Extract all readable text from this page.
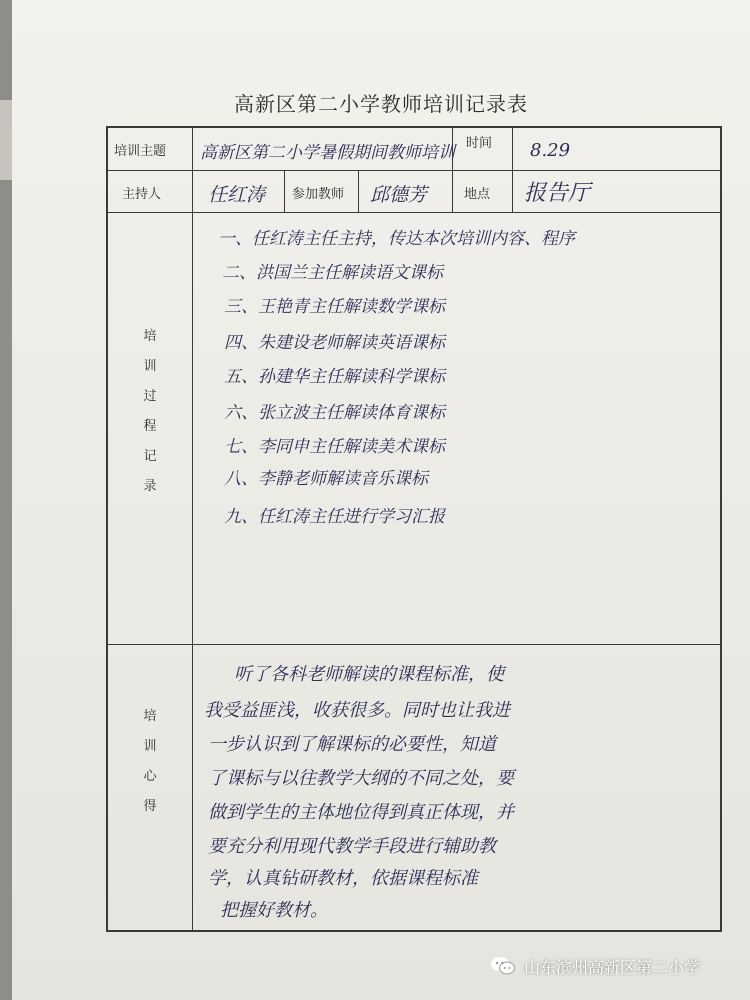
高新区第二小学教师培训记录表
培训主题 高新区第二小学暑假期间教师培训 时间 8.29
主持人 任红涛 参加教师 邱德芳	地点 报告厅
培
训
过
程
记
录
一、任红涛主任主持，传达本次培训内容、程序
二、洪国兰主任解读语文课标
三、王艳青主任解读数学课标
四、朱建设老师解读英语课标
五、孙建华主任解读科学课标
六、张立波主任解读体育课标
七、李同申主任解读美术课标
八、李静老师解读音乐课标
九、任红涛主任进行学习汇报
培
训
心
得
听了各科老师解读的课程标准，使
我受益匪浅，收获很多。同时也让我进
一步认识到了解课标的必要性，知道
了课标与以往教学大纲的不同之处，要
做到学生的主体地位得到真正体现，并
要充分利用现代教学手段进行辅助教
学，认真钻研教材，依据课程标准
把握好教材。
山东滨州高新区第二小学
